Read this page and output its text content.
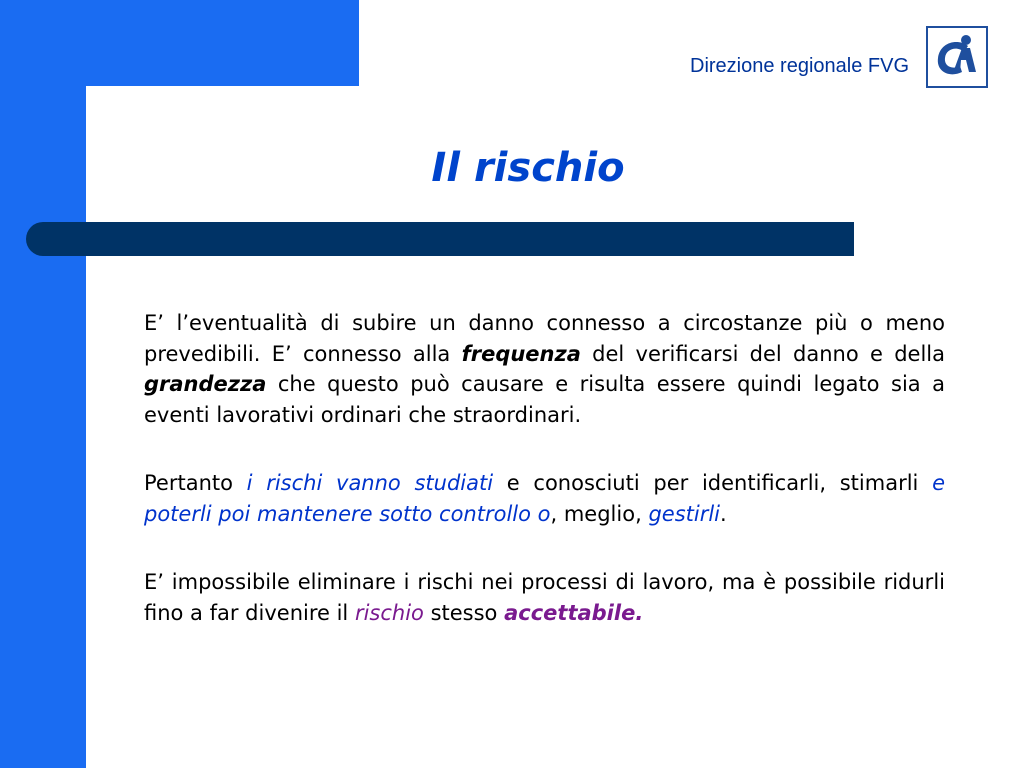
Direzione regionale FVG
Il rischio

E’ l’eventualità di subire un danno connesso a circostanze più o meno prevedibili. E’ connesso alla frequenza del verificarsi del danno e della grandezza che questo può causare e risulta essere quindi legato sia a eventi lavorativi ordinari che straordinari.

Pertanto i rischi vanno studiati e conosciuti per identificarli, stimarli e poterli poi mantenere sotto controllo o, meglio, gestirli.

E’ impossibile eliminare i rischi nei processi di lavoro, ma è possibile ridurli fino a far divenire il rischio stesso accettabile.
